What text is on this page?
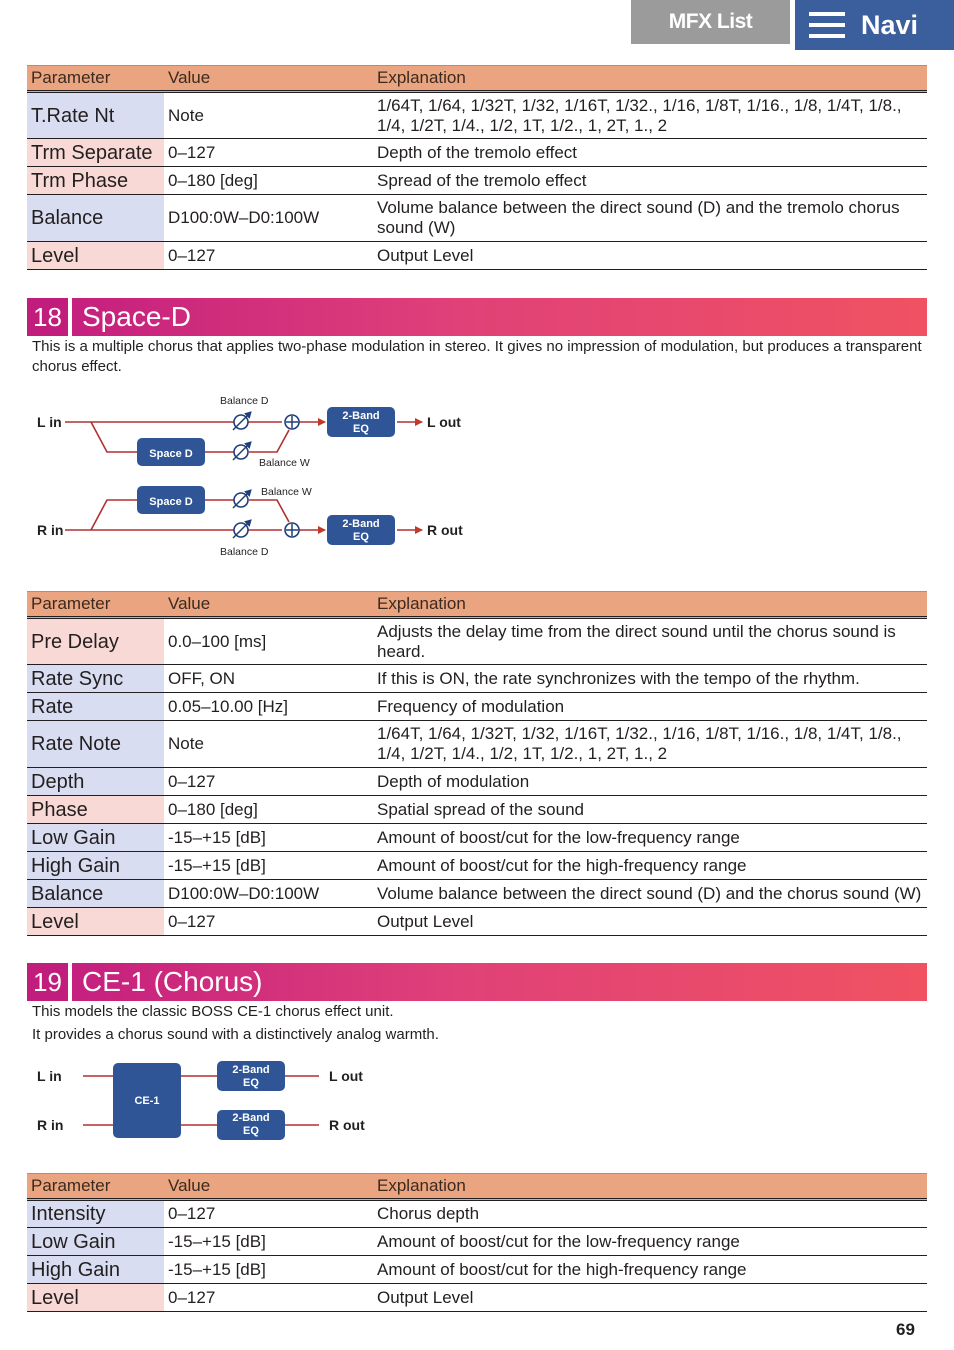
MFX List	Navi
Parameter	Value	Explanation
T.Rate Nt	Note	1/64T, 1/64, 1/32T, 1/32, 1/16T, 1/32., 1/16, 1/8T, 1/16., 1/8, 1/4T, 1/8., 1/4, 1/2T, 1/4., 1/2, 1T, 1/2., 1, 2T, 1., 2
Trm Separate	0–127	Depth of the tremolo effect
Trm Phase	0–180 [deg]	Spread of the tremolo effect
Balance	D100:0W–D0:100W	Volume balance between the direct sound (D) and the tremolo chorus sound (W)
Level	0–127	Output Level
18 Space-D
This is a multiple chorus that applies two-phase modulation in stereo. It gives no impression of modulation, but produces a transparent chorus effect.
Space D
Space D
2-Band
EQ
2-Band
EQ
L in
R in
L out
R out
Balance D
Balance W
Balance W
Balance D
Parameter	Value	Explanation
Pre Delay	0.0–100 [ms]	Adjusts the delay time from the direct sound until the chorus sound is heard.
Rate Sync	OFF, ON	If this is ON, the rate synchronizes with the tempo of the rhythm.
Rate	0.05–10.00 [Hz]	Frequency of modulation
Rate Note	Note	1/64T, 1/64, 1/32T, 1/32, 1/16T, 1/32., 1/16, 1/8T, 1/16., 1/8, 1/4T, 1/8., 1/4, 1/2T, 1/4., 1/2, 1T, 1/2., 1, 2T, 1., 2
Depth	0–127	Depth of modulation
Phase	0–180 [deg]	Spatial spread of the sound
Low Gain	-15–+15 [dB]	Amount of boost/cut for the low-frequency range
High Gain	-15–+15 [dB]	Amount of boost/cut for the high-frequency range
Balance	D100:0W–D0:100W	Volume balance between the direct sound (D) and the chorus sound (W)
Level	0–127	Output Level
19 CE-1 (Chorus)
This models the classic BOSS CE-1 chorus effect unit.
It provides a chorus sound with a distinctively analog warmth.
CE-1
2-Band
EQ
2-Band
EQ
L in
R in
L out
R out
Parameter	Value	Explanation
Intensity	0–127	Chorus depth
Low Gain	-15–+15 [dB]	Amount of boost/cut for the low-frequency range
High Gain	-15–+15 [dB]	Amount of boost/cut for the high-frequency range
Level	0–127	Output Level
69
